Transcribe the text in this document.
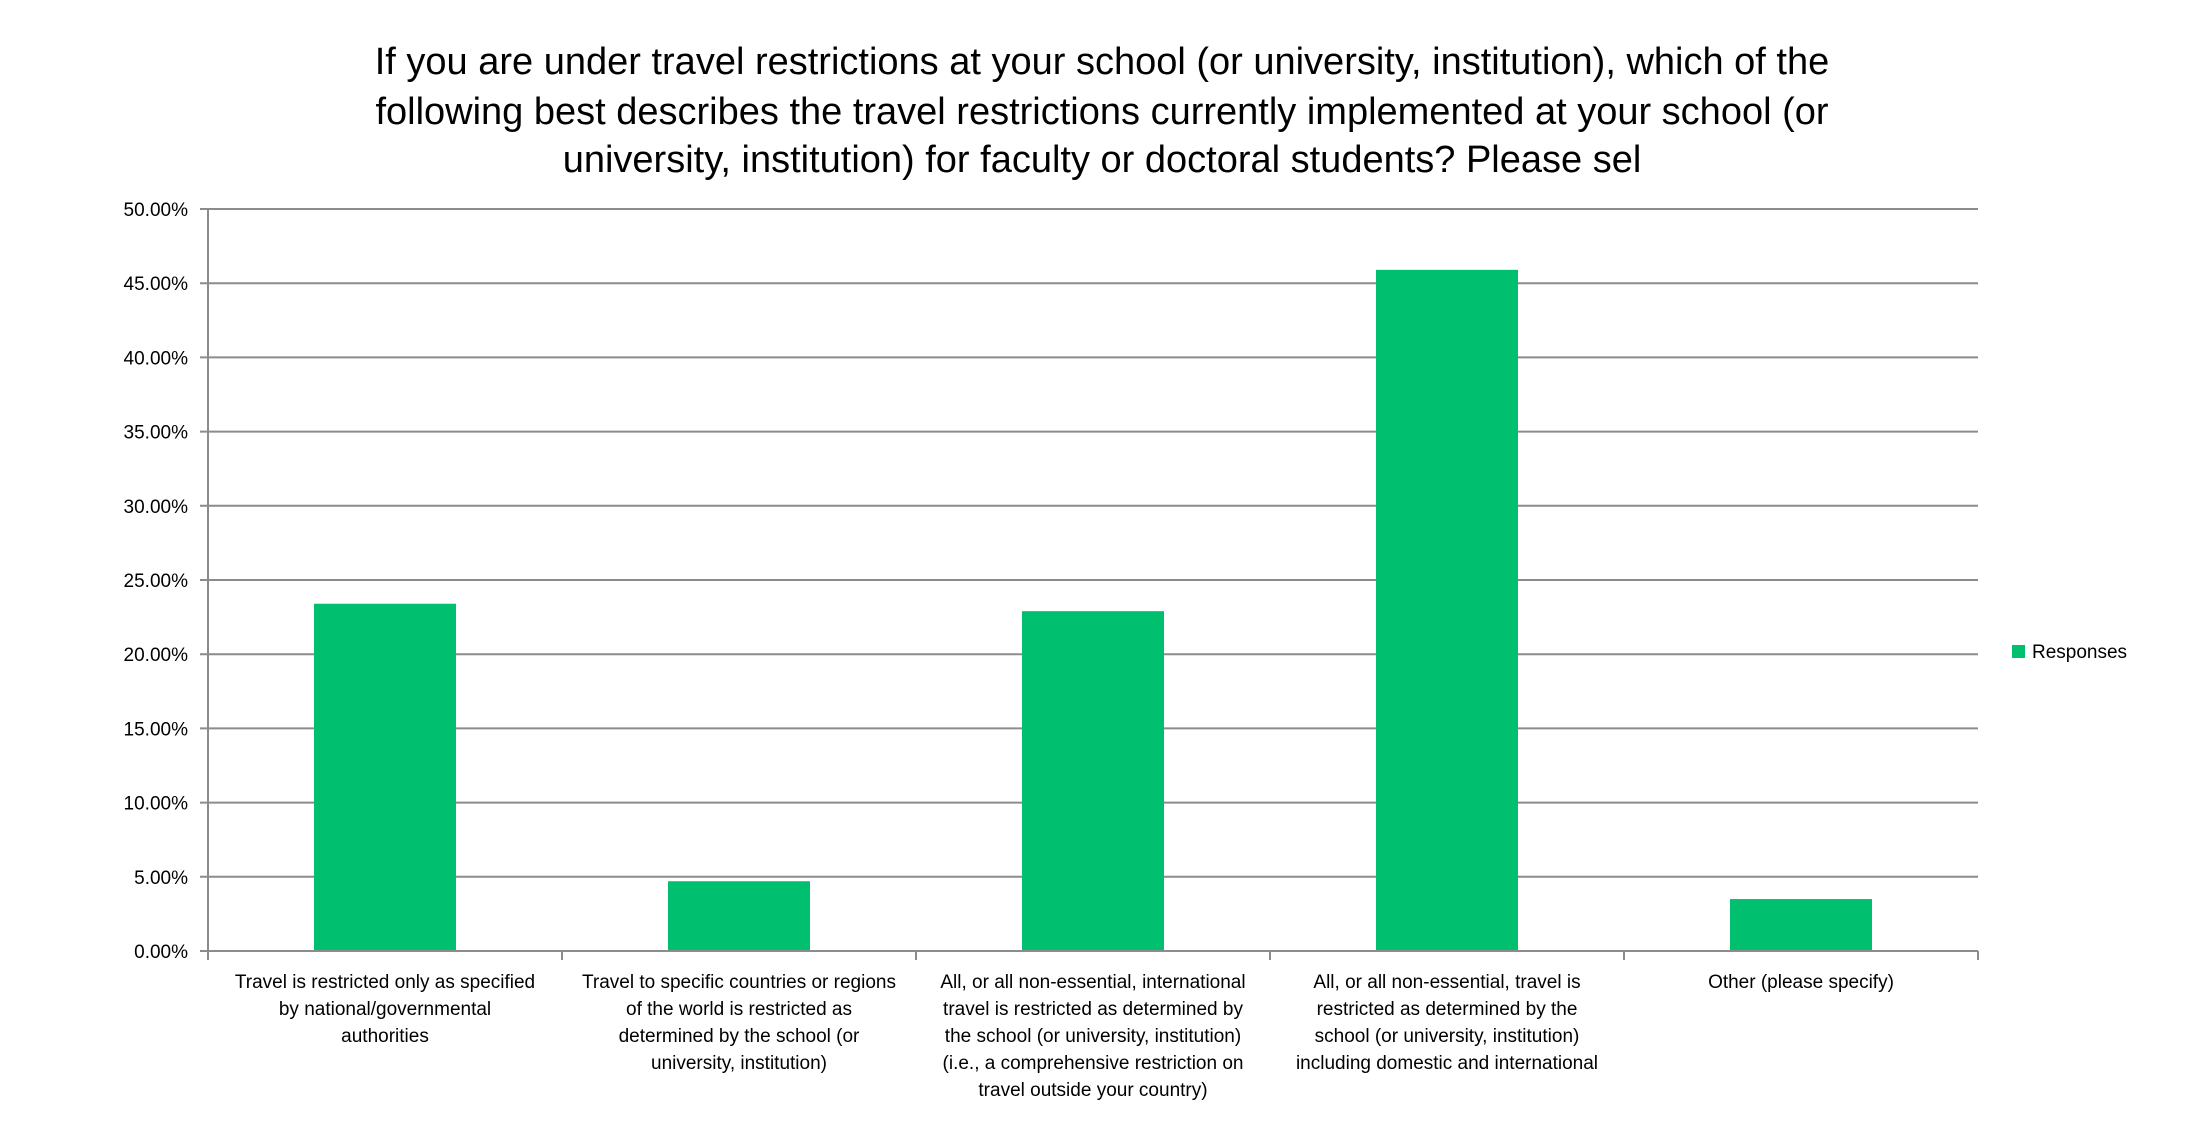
If you are under travel restrictions at your school (or university, institution), which of the
following best describes the travel restrictions currently implemented at your school (or
university, institution) for faculty or doctoral students? Please sel
0.00%
5.00%
10.00%
15.00%
20.00%
25.00%
30.00%
35.00%
40.00%
45.00%
50.00%
Travel is restricted only as specified
by national/governmental
authorities
Travel to specific countries or regions
of the world is restricted as
determined by the school (or
university, institution)
All, or all non-essential, international
travel is restricted as determined by
the school (or university, institution)
(i.e., a comprehensive restriction on
travel outside your country)
All, or all non-essential, travel is
restricted as determined by the
school (or university, institution)
including domestic and international
Other (please specify)
Responses
